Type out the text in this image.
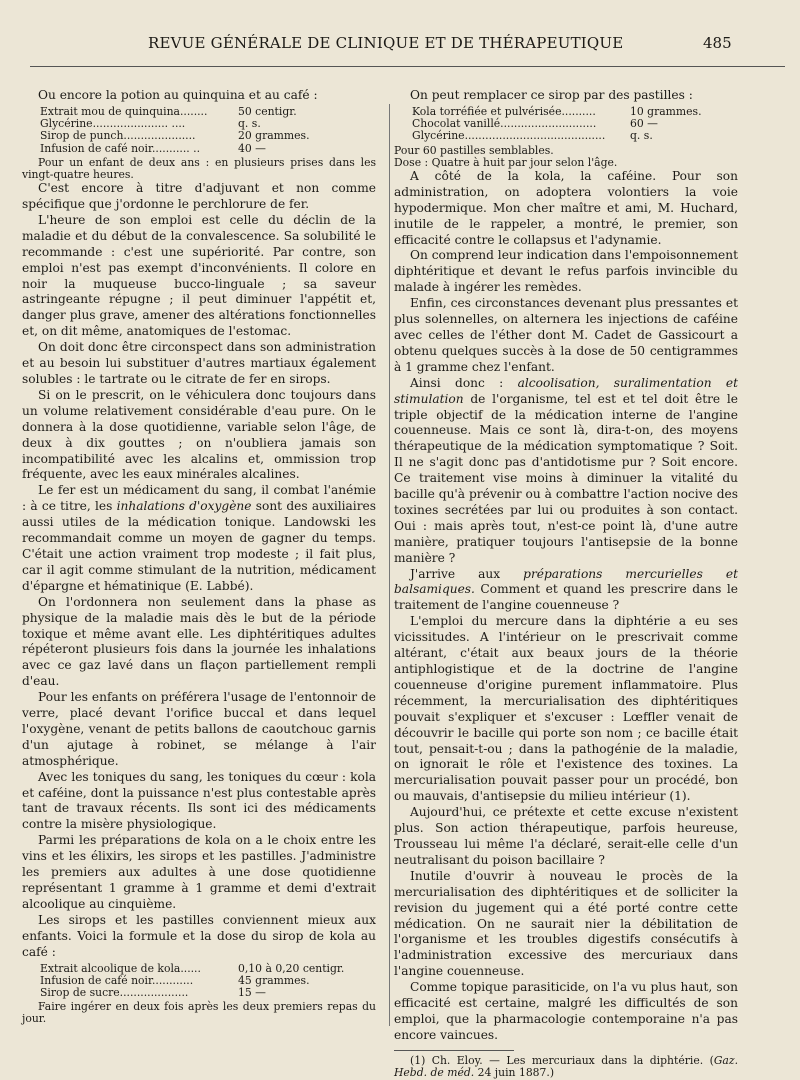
REVUE GÉNÉRALE DE CLINIQUE ET DE THÉRAPEUTIQUE	485

Ou encore la potion au quinquina et au café :

Extrait mou de quinquina........	50 centigr.
Glycérine...................... ....	q. s.
Sirop de punch.....................	20 grammes.
Infusion de café noir........... ..	40 —

Pour un enfant de deux ans : en plusieurs prises dans les vingt-quatre heures.

C'est encore à titre d'adjuvant et non comme spécifique que j'ordonne le perchlorure de fer.

L'heure de son emploi est celle du déclin de la maladie et du début de la convalescence. Sa solubilité le recommande : c'est une supériorité. Par contre, son emploi n'est pas exempt d'inconvénients. Il colore en noir la muqueuse bucco-linguale ; sa saveur astringeante répugne ; il peut diminuer l'appétit et, danger plus grave, amener des altérations fonctionnelles et, on dit même, anatomiques de l'estomac.

On doit donc être circonspect dans son administration et au besoin lui substituer d'autres martiaux également solubles : le tartrate ou le citrate de fer en sirops.

Si on le prescrit, on le véhiculera donc toujours dans un volume relativement considérable d'eau pure. On le donnera à la dose quotidienne, variable selon l'âge, de deux à dix gouttes ; on n'oubliera jamais son incompatibilité avec les alcalins et, ommission trop fréquente, avec les eaux minérales alcalines.

Le fer est un médicament du sang, il combat l'anémie : à ce titre, les inhalations d'oxygène sont des auxiliaires aussi utiles de la médication tonique. Landowski les recommandait comme un moyen de gagner du temps. C'était une action vraiment trop modeste ; il fait plus, car il agit comme stimulant de la nutrition, médicament d'épargne et hématinique (E. Labbé).

On l'ordonnera non seulement dans la phase as physique de la maladie mais dès le but de la période toxique et même avant elle. Les diphtéritiques adultes répéteront plusieurs fois dans la journée les inhalations avec ce gaz lavé dans un flaçon partiellement rempli d'eau.

Pour les enfants on préférera l'usage de l'entonnoir de verre, placé devant l'orifice buccal et dans lequel l'oxygène, venant de petits ballons de caoutchouc garnis d'un ajutage à robinet, se mélange à l'air atmosphérique.

Avec les toniques du sang, les toniques du cœur : kola et caféine, dont la puissance n'est plus contestable après tant de travaux récents. Ils sont ici des médicaments contre la misère physiologique.

Parmi les préparations de kola on a le choix entre les vins et les élixirs, les sirops et les pastilles. J'administre les premiers aux adultes à une dose quotidienne représentant 1 gramme à 1 gramme et demi d'extrait alcoolique au cinquième.

Les sirops et les pastilles conviennent mieux aux enfants. Voici la formule et la dose du sirop de kola au café :

Extrait alcoolique de kola......	0,10 à 0,20 centigr.
Infusion de café noir............	45 grammes.
Sirop de sucre....................	15 —

Faire ingérer en deux fois après les deux premiers repas du jour.

On peut remplacer ce sirop par des pastilles :

Kola torréfiée et pulvérisée..........	10 grammes.
Chocolat vanillé............................	60 —
Glycérine.........................................	q. s.

Pour 60 pastilles semblables.

Dose : Quatre à huit par jour selon l'âge.

A côté de la kola, la caféine. Pour son administration, on adoptera volontiers la voie hypodermique. Mon cher maître et ami, M. Huchard, inutile de le rappeler, a montré, le premier, son efficacité contre le collapsus et l'adynamie.

On comprend leur indication dans l'empoisonnement diphtéritique et devant le refus parfois invincible du malade à ingérer les remèdes.

Enfin, ces circonstances devenant plus pressantes et plus solennelles, on alternera les injections de caféine avec celles de l'éther dont M. Cadet de Gassicourt a obtenu quelques succès à la dose de 50 centigrammes à 1 gramme chez l'enfant.

Ainsi donc : alcoolisation, suralimentation et stimulation de l'organisme, tel est et tel doit être le triple objectif de la médication interne de l'angine couenneuse. Mais ce sont là, dira-t-on, des moyens thérapeutique de la médication symptomatique ? Soit. Il ne s'agit donc pas d'antidotisme pur ? Soit encore. Ce traitement vise moins à diminuer la vitalité du bacille qu'à prévenir ou à combattre l'action nocive des toxines secrétées par lui ou produites à son contact. Oui : mais après tout, n'est-ce point là, d'une autre manière, pratiquer toujours l'antisepsie de la bonne manière ?

J'arrive aux préparations mercurielles et balsamiques. Comment et quand les prescrire dans le traitement de l'angine couenneuse ?

L'emploi du mercure dans la diphtérie a eu ses vicissitudes. A l'intérieur on le prescrivait comme altérant, c'était aux beaux jours de la théorie antiphlogistique et de la doctrine de l'angine couenneuse d'origine purement inflammatoire. Plus récemment, la mercurialisation des diphtéritiques pouvait s'expliquer et s'excuser : Lœffler venait de découvrir le bacille qui porte son nom ; ce bacille était tout, pensait-t-ou ; dans la pathogénie de la maladie, on ignorait le rôle et l'existence des toxines. La mercurialisation pouvait passer pour un procédé, bon ou mauvais, d'antisepsie du milieu intérieur (1).

Aujourd'hui, ce prétexte et cette excuse n'existent plus. Son action thérapeutique, parfois heureuse, Trousseau lui même l'a déclaré, serait-elle celle d'un neutralisant du poison bacillaire ?

Inutile d'ouvrir à nouveau le procès de la mercurialisation des diphtéritiques et de solliciter la revision du jugement qui a été porté contre cette médication. On ne saurait nier la débilitation de l'organisme et les troubles digestifs consécutifs à l'administration excessive des mercuriaux dans l'angine couenneuse.

Comme topique parasiticide, on l'a vu plus haut, son efficacité est certaine, malgré les difficultés de son emploi, que la pharmacologie contemporaine n'a pas encore vaincues.

(1) Ch. Eloy. — Les mercuriaux dans la diphtérie. (Gaz. Hebd. de méd. 24 juin 1887.)
